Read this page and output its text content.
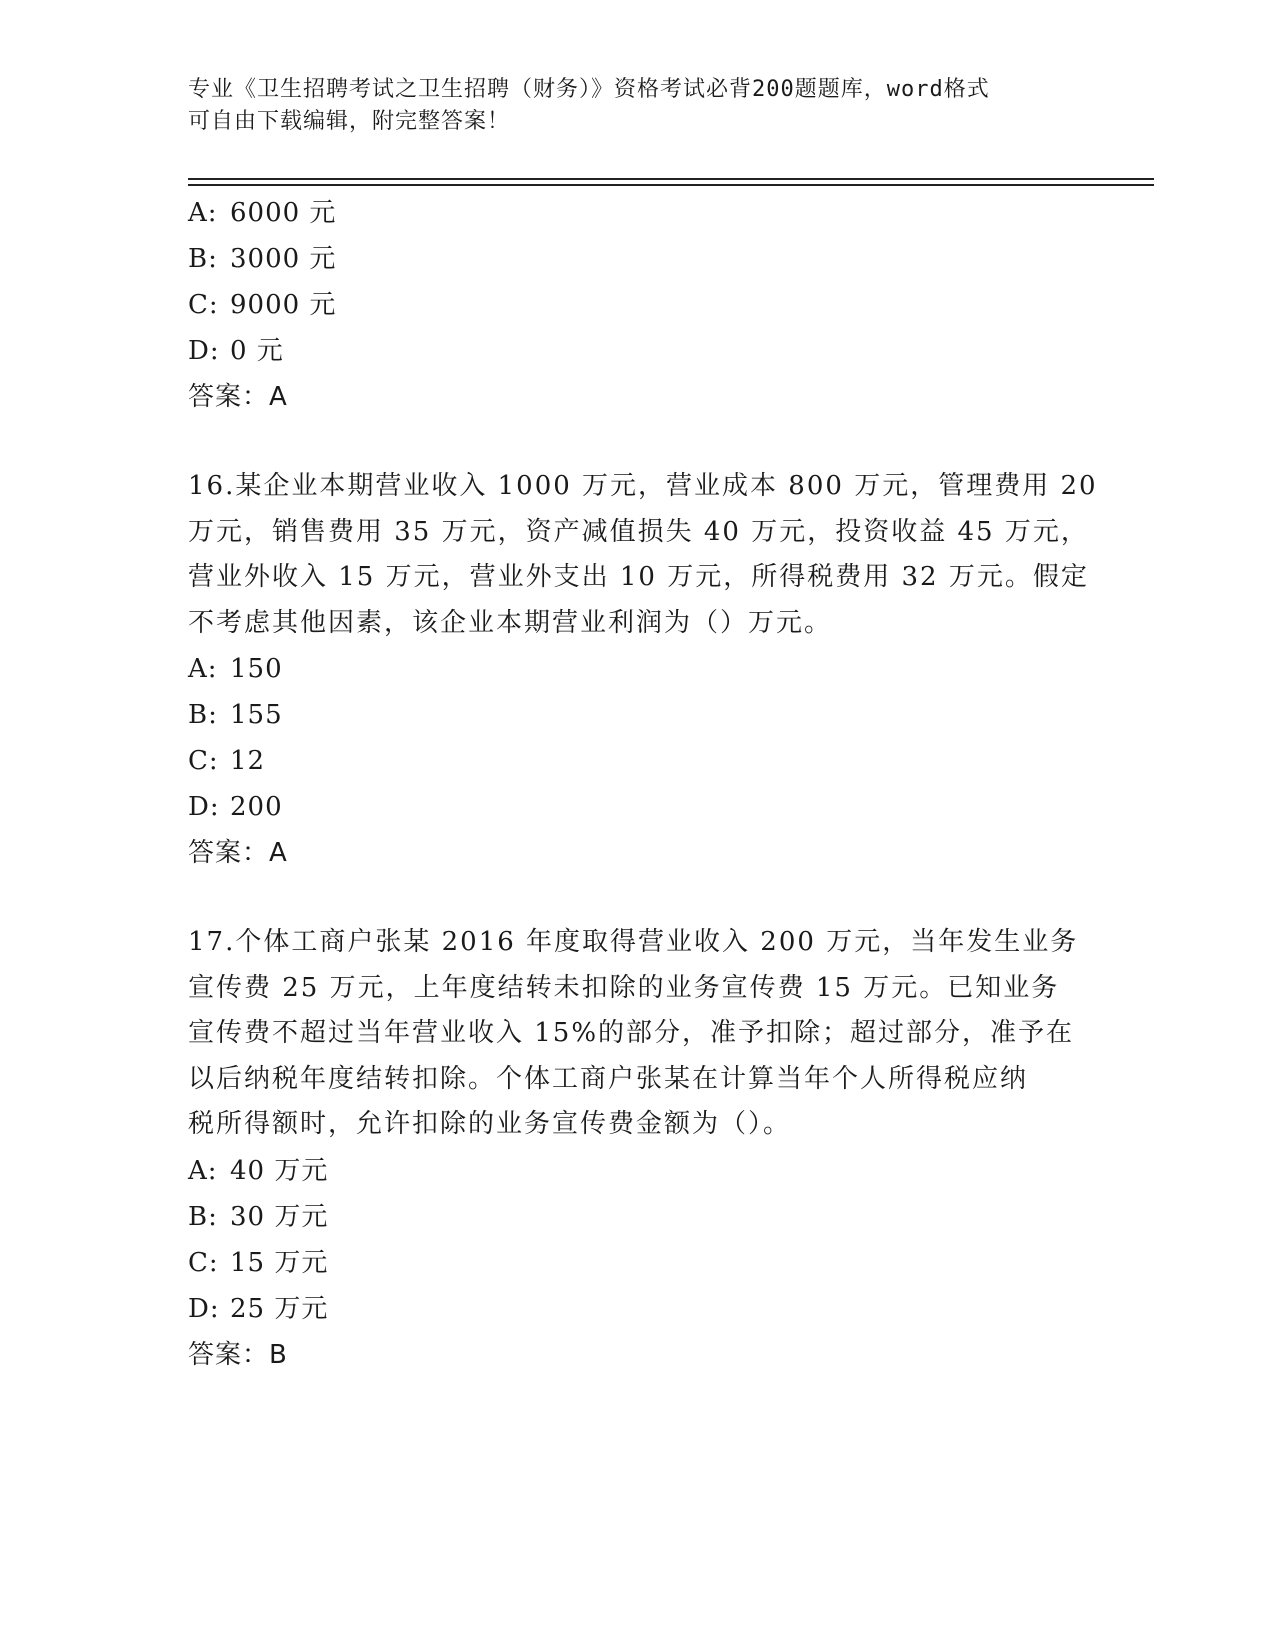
专业《卫生招聘考试之卫生招聘（财务）》资格考试必背200题题库，word格式
可自由下载编辑，附完整答案！
A: 6000 元
B: 3000 元
C: 9000 元
D: 0 元
答案：A

16.某企业本期营业收入 1000 万元，营业成本 800 万元，管理费用 20

万元，销售费用 35 万元，资产减值损失 40 万元，投资收益 45 万元，

营业外收入 15 万元，营业外支出 10 万元，所得税费用 32 万元。假定

不考虑其他因素，该企业本期营业利润为（）万元。

A: 150
B: 155
C: 12
D: 200
答案：A

17.个体工商户张某 2016 年度取得营业收入 200 万元，当年发生业务

宣传费 25 万元，上年度结转未扣除的业务宣传费 15 万元。已知业务

宣传费不超过当年营业收入 15%的部分，准予扣除；超过部分，准予在

以后纳税年度结转扣除。个体工商户张某在计算当年个人所得税应纳

税所得额时，允许扣除的业务宣传费金额为（）。

A: 40 万元
B: 30 万元
C: 15 万元
D: 25 万元
答案：B
